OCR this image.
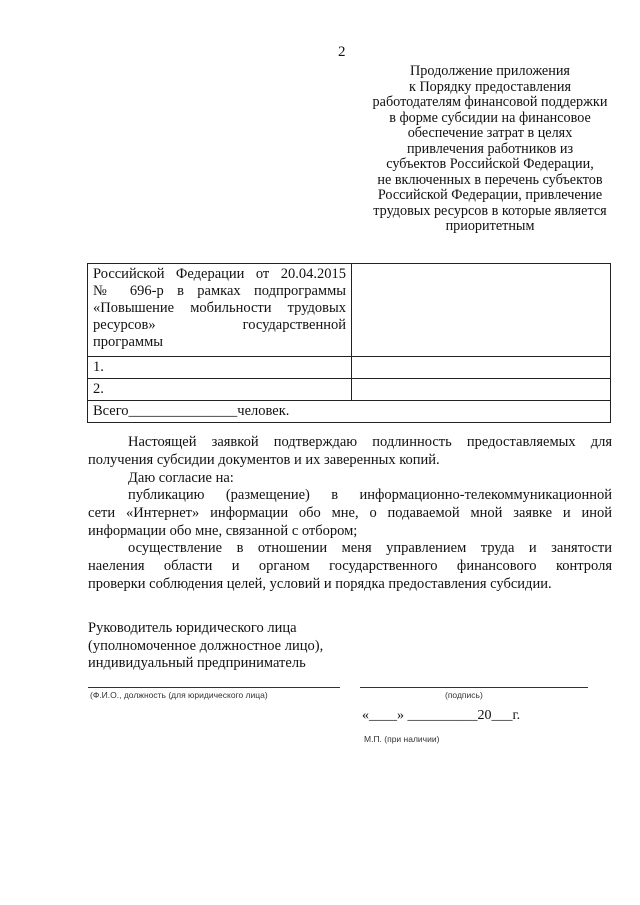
2
Продолжение приложения
к Порядку предоставления
работодателям финансовой поддержки
в форме субсидии на финансовое
обеспечение затрат в целях
привлечения работников из
субъектов Российской Федерации,
не включенных в перечень субъектов
Российской Федерации, привлечение
трудовых ресурсов в которые является
приоритетным
Российской Федерации от 20.04.2015
№ 696-р в рамках подпрограммы
«Повышение мобильности трудовых
ресурсов» государственной
программы	

1.	
2.	
Всего_______________человек.	
Настоящей заявкой подтверждаю подлинность предоставляемых для
получения субсидии документов и их заверенных копий.
Даю согласие на:
публикацию (размещение) в информационно-телекоммуникационной
сети «Интернет» информации обо мне, о подаваемой мной заявке и иной
информации обо мне, связанной с отбором;
осуществление в отношении меня управлением труда и занятости
наеления области и органом государственного финансового контроля
проверки соблюдения целей, условий и порядка предоставления субсидии.
Руководитель юридического лица
(уполномоченное должностное лицо),
индивидуальный предприниматель
(Ф.И.О., должность (для юридического лица)	(подпись)
«____» __________20___г.
М.П. (при наличии)
